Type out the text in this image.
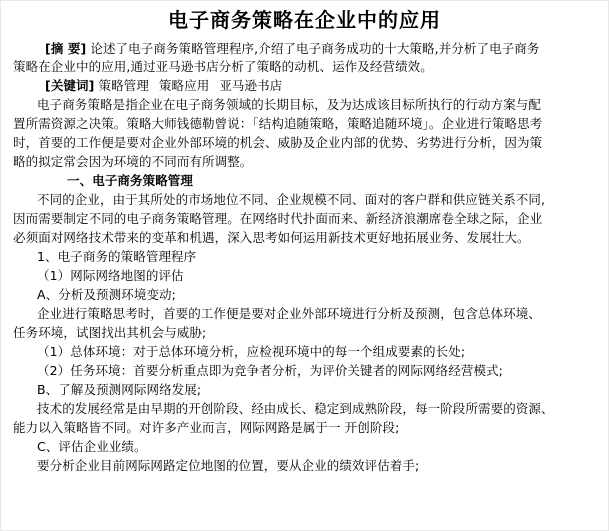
电子商务策略在企业中的应用
[摘 要] 论述了电子商务策略管理程序,介绍了电子商务成功的十大策略,并分析了电子商务
策略在企业中的应用,通过亚马逊书店分析了策略的动机、运作及经营绩效。
[关键词] 策略管理 策略应用 亚马逊书店
电子商务策略是指企业在电子商务领域的长期目标，及为达成该目标所执行的行动方案与配
置所需资源之决策。策略大师钱德勒曾说：「结构追随策略，策略追随环境」。企业进行策略思考
时，首要的工作便是要对企业外部环境的机会、威胁及企业内部的优势、劣势进行分析，因为策
略的拟定常会因为环境的不同而有所调整。
一、电子商务策略管理
不同的企业，由于其所处的市场地位不同、企业规模不同、面对的客户群和供应链关系不同,
因而需要制定不同的电子商务策略管理。在网络时代扑面而来、新经济浪潮席卷全球之际，企业
必须面对网络技术带来的变革和机遇，深入思考如何运用新技术更好地拓展业务、发展壮大。
1、电子商务的策略管理程序
（1）网际网络地图的评估
A、分析及预测环境变动;
企业进行策略思考时，首要的工作便是要对企业外部环境进行分析及预测，包含总体环境、
任务环境，试图找出其机会与威胁;
（1）总体环境：对于总体环境分析，应检视环境中的每一个组成要素的长处;
（2）任务环境：首要分析重点即为竞争者分析，为评价关键者的网际网络经营模式;
B、了解及预测网际网络发展;
技术的发展经常是由早期的开创阶段、经由成长、稳定到成熟阶段，每一阶段所需要的资源、
能力以入策略皆不同。对许多产业而言，网际网路是属于一 开创阶段;
C、评估企业业绩。
要分析企业目前网际网路定位地图的位置，要从企业的绩效评估着手;
